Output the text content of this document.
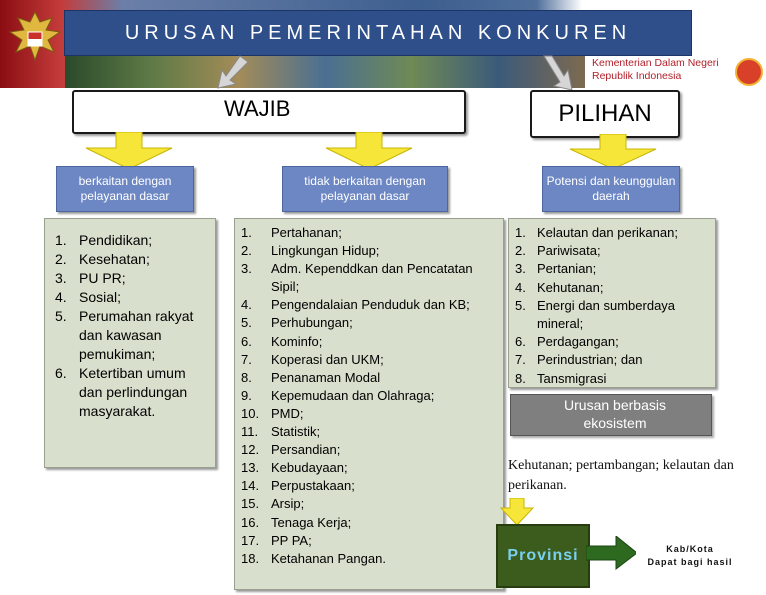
URUSAN PEMERINTAHAN KONKUREN
Kementerian Dalam Negeri
Republik Indonesia
WAJIB	PILIHAN
berkaitan dengan pelayanan dasar
tidak berkaitan dengan pelayanan dasar
Potensi dan keunggulan daerah
1. Pendidikan;
2. Kesehatan;
3. PU PR;
4. Sosial;
5. Perumahan rakyat dan kawasan pemukiman;
6. Ketertiban umum dan perlindungan masyarakat.
1. Pertahanan;
2. Lingkungan Hidup;
3. Adm. Kependdkan dan Pencatatan Sipil;
4. Pengendalaian Penduduk dan KB;
5. Perhubungan;
6. Kominfo;
7. Koperasi dan UKM;
8. Penanaman Modal
9. Kepemudaan dan Olahraga;
10. PMD;
11. Statistik;
12. Persandian;
13. Kebudayaan;
14. Perpustakaan;
15. Arsip;
16. Tenaga Kerja;
17. PP PA;
18. Ketahanan Pangan.
1. Kelautan dan perikanan;
2. Pariwisata;
3. Pertanian;
4. Kehutanan;
5. Energi dan sumberdaya mineral;
6. Perdagangan;
7. Perindustrian; dan
8. Tansmigrasi
Urusan berbasis ekosistem
Kehutanan; pertambangan; kelautan dan perikanan.
Provinsi	Kab/Kota
Dapat bagi hasil
